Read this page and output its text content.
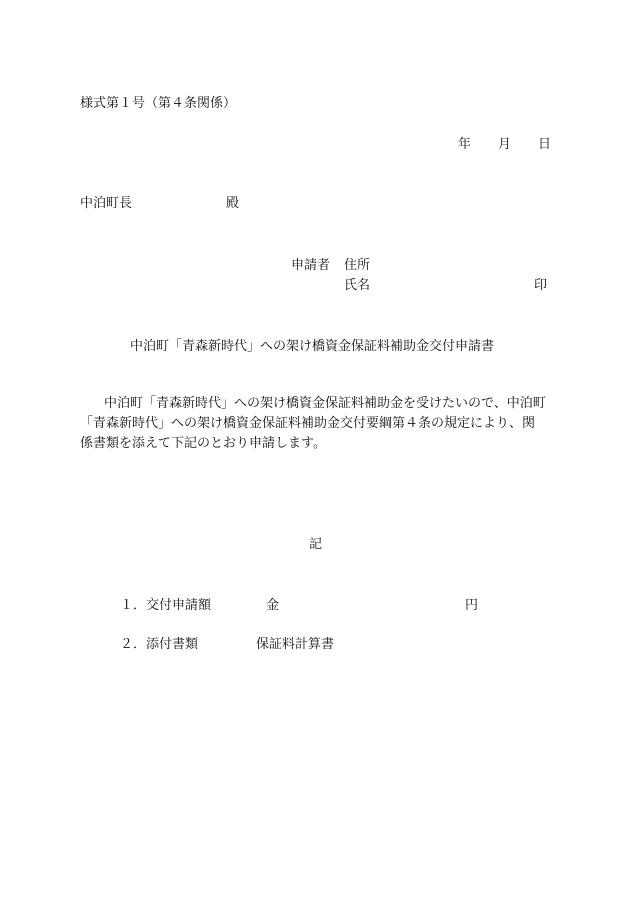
様式第１号（第４条関係）
年 月 日
中泊町長	殿
申請者 住所
氏名	印
中泊町「青森新時代」への架け橋資金保証料補助金交付申請書
中泊町「青森新時代」への架け橋資金保証料補助金を受けたいので、中泊町
「青森新時代」への架け橋資金保証料補助金交付要綱第４条の規定により、関
係書類を添えて下記のとおり申請します。
記
１．交付申請額	金	円
２．添付書類	保証料計算書
